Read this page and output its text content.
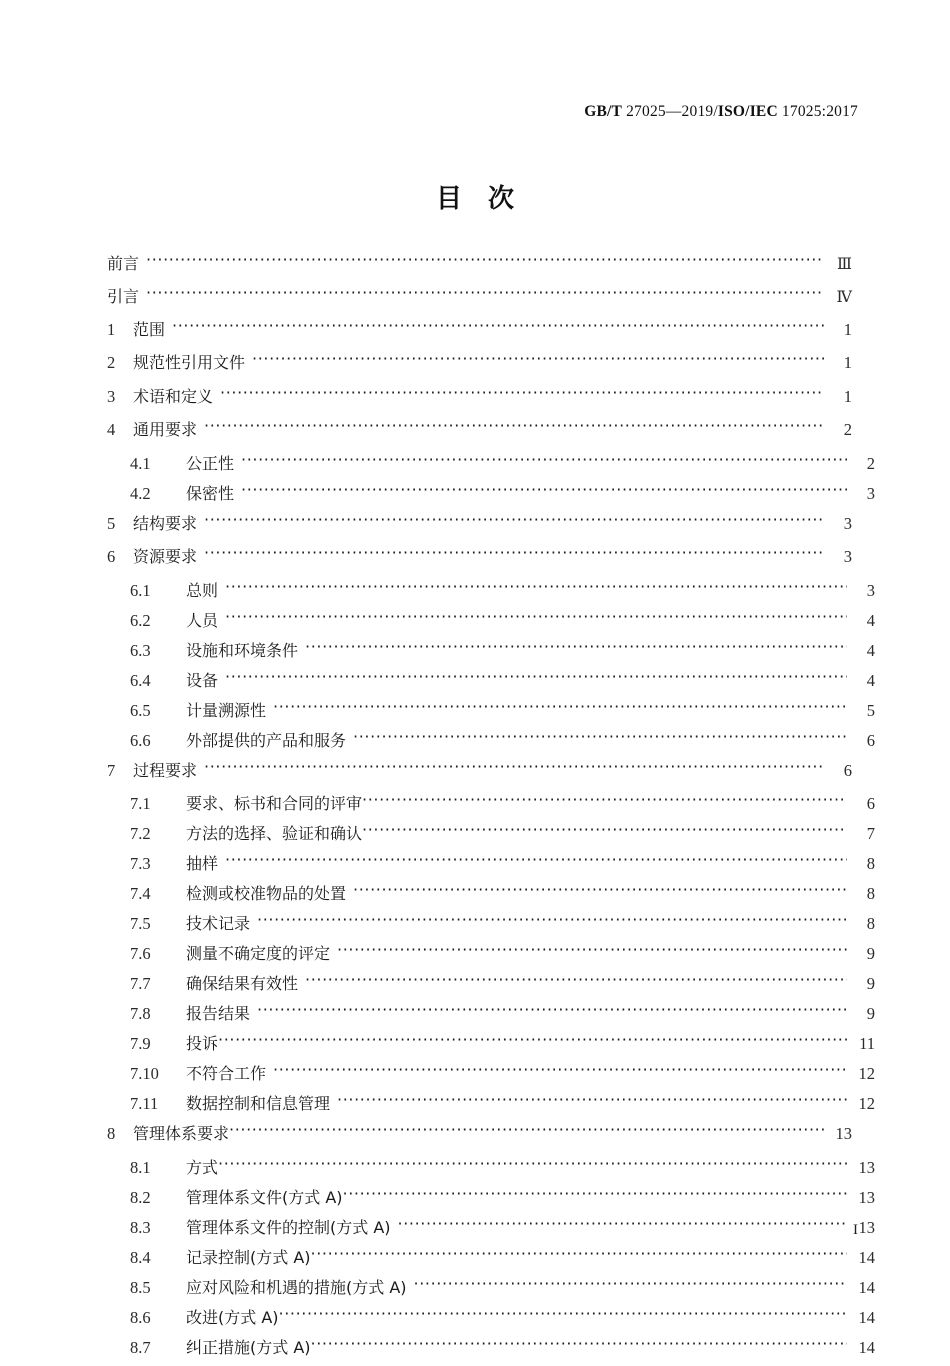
GB/T 27025—2019/ISO/IEC 17025:2017
目次
前言 ·····	Ⅲ
引言 ·····	Ⅳ
1	范围 ·····	1
2	规范性引用文件 ·····	1
3	术语和定义 ·····	1
4	通用要求 ·····	2
4.1	公正性 ·····	2
4.2	保密性 ·····	3
5	结构要求 ·····	3
6	资源要求 ·····	3
6.1	总则 ·····	3
6.2	人员 ·····	4
6.3	设施和环境条件 ·····	4
6.4	设备 ·····	4
6.5	计量溯源性 ·····	5
6.6	外部提供的产品和服务 ·····	6
7	过程要求 ·····	6
7.1	要求、标书和合同的评审 ·····	6
7.2	方法的选择、验证和确认 ·····	7
7.3	抽样 ·····	8
7.4	检测或校准物品的处置 ·····	8
7.5	技术记录 ·····	8
7.6	测量不确定度的评定 ·····	9
7.7	确保结果有效性 ·····	9
7.8	报告结果 ·····	9
7.9	投诉 ·····	11
7.10	不符合工作 ·····	12
7.11	数据控制和信息管理 ·····	12
8	管理体系要求 ·····	13
8.1	方式 ·····	13
8.2	管理体系文件(方式 A) ·····	13
8.3	管理体系文件的控制(方式 A) ·····	13
8.4	记录控制(方式 A) ·····	14
8.5	应对风险和机遇的措施(方式 A) ·····	14
8.6	改进(方式 A) ·····	14
8.7	纠正措施(方式 A) ·····	14
I
